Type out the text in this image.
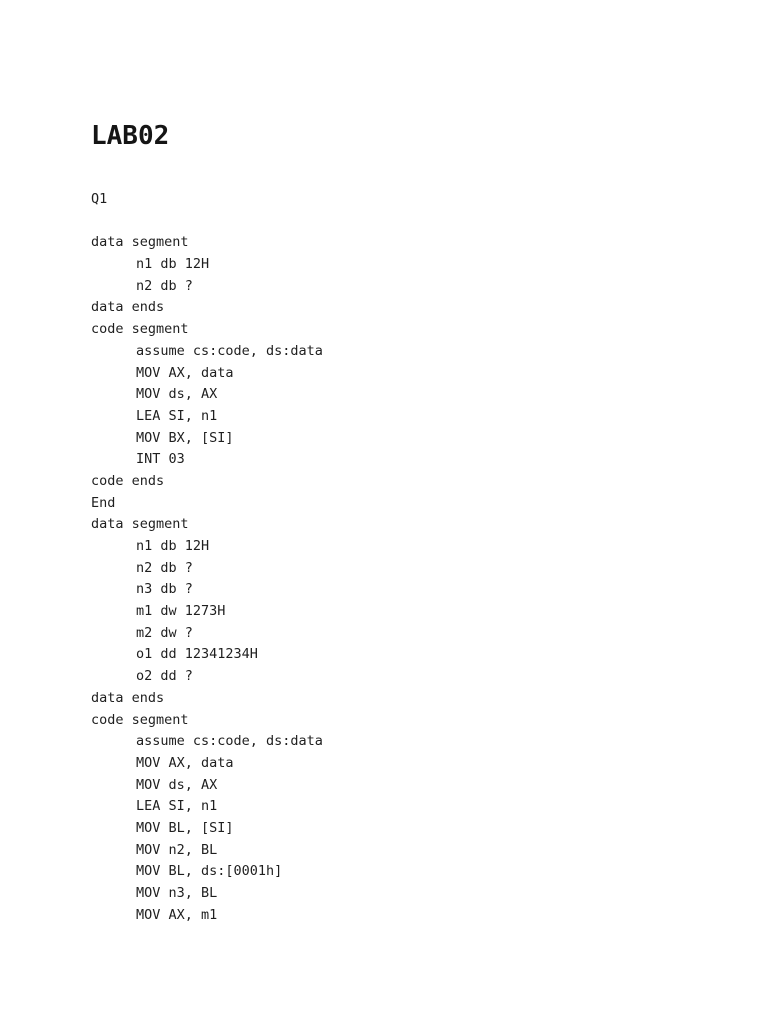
LAB02
Q1
data segment
n1 db 12H
n2 db ?
data ends
code segment
assume cs:code, ds:data
MOV AX, data
MOV ds, AX
LEA SI, n1
MOV BX, [SI]
INT 03
code ends
End
data segment
n1 db 12H
n2 db ?
n3 db ?
m1 dw 1273H
m2 dw ?
o1 dd 12341234H
o2 dd ?
data ends
code segment
assume cs:code, ds:data
MOV AX, data
MOV ds, AX
LEA SI, n1
MOV BL, [SI]
MOV n2, BL
MOV BL, ds:[0001h]
MOV n3, BL
MOV AX, m1
